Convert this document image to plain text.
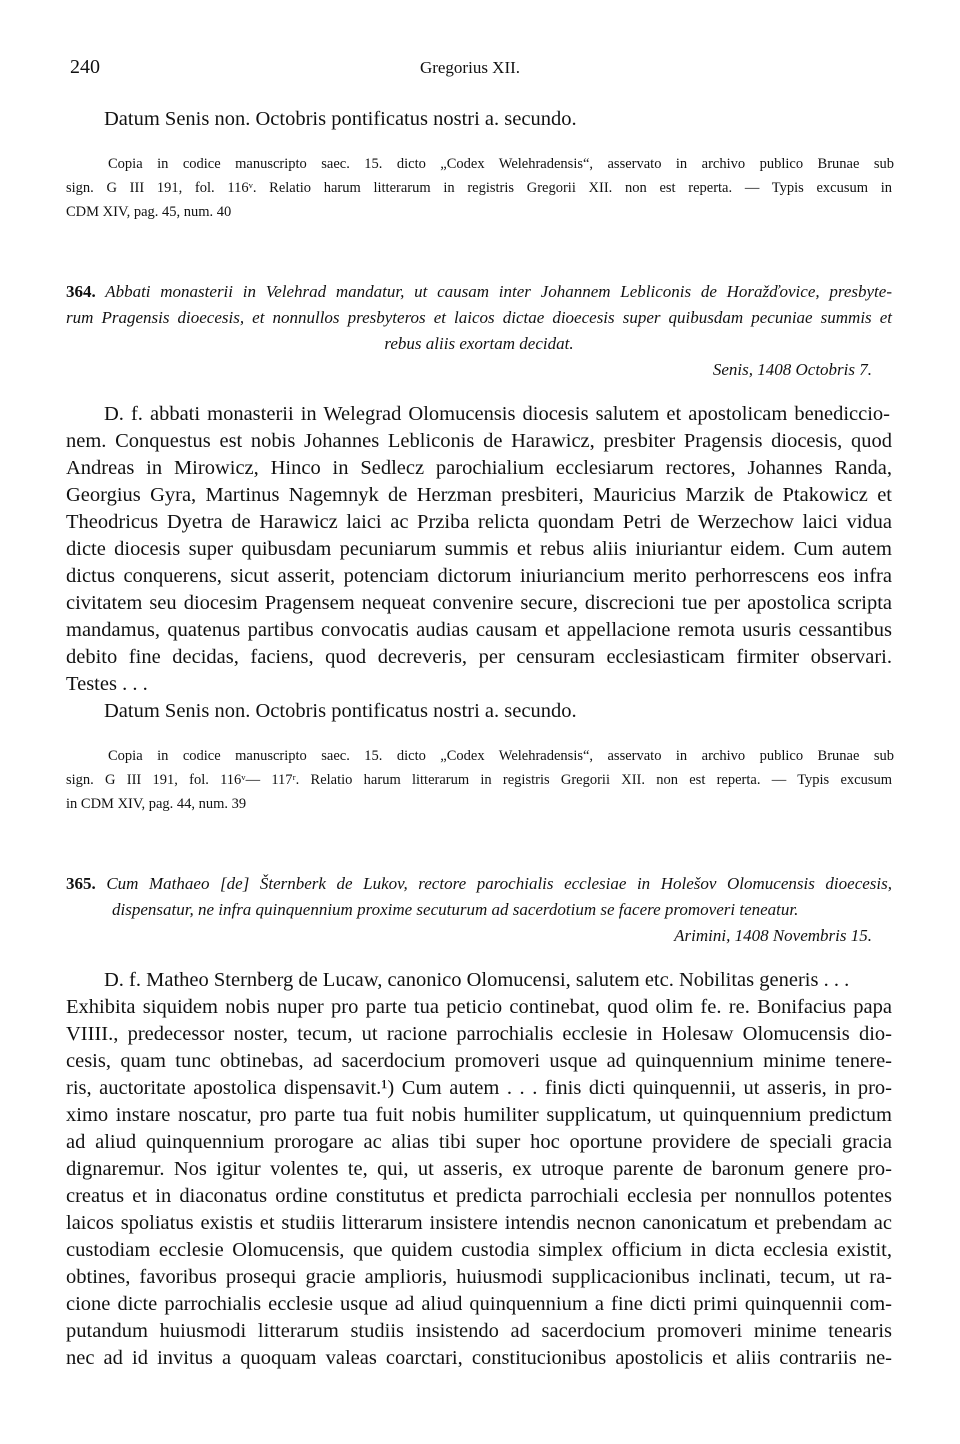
240	Gregorius XII.
Datum Senis non. Octobris pontificatus nostri a. secundo.
Copia in codice manuscripto saec. 15. dicto „Codex Welehradensis“, asservato in archivo publico Brunae sub
sign. G III 191, fol. 116ᵛ. Relatio harum litterarum in registris Gregorii XII. non est reperta. — Typis excusum in
CDM XIV, pag. 45, num. 40
364. Abbati monasterii in Velehrad mandatur, ut causam inter Johannem Lebliconis de Horažďovice, presbyte-
rum Pragensis dioecesis, et nonnullos presbyteros et laicos dictae dioecesis super quibusdam pecuniae summis et
rebus aliis exortam decidat.
Senis, 1408 Octobris 7.
D. f. abbati monasterii in Welegrad Olomucensis diocesis salutem et apostolicam benediccio-
nem. Conquestus est nobis Johannes Lebliconis de Harawicz, presbiter Pragensis diocesis, quod
Andreas in Mirowicz, Hinco in Sedlecz parochialium ecclesiarum rectores, Johannes Randa,
Georgius Gyra, Martinus Nagemnyk de Herzman presbiteri, Mauricius Marzik de Ptakowicz et
Theodricus Dyetra de Harawicz laici ac Prziba relicta quondam Petri de Werzechow laici vidua
dicte diocesis super quibusdam pecuniarum summis et rebus aliis iniuriantur eidem. Cum autem
dictus conquerens, sicut asserit, potenciam dictorum iniuriancium merito perhorrescens eos infra
civitatem seu diocesim Pragensem nequeat convenire secure, discrecioni tue per apostolica scripta
mandamus, quatenus partibus convocatis audias causam et appellacione remota usuris cessantibus
debito fine decidas, faciens, quod decreveris, per censuram ecclesiasticam firmiter observari.
Testes . . .
Datum Senis non. Octobris pontificatus nostri a. secundo.
Copia in codice manuscripto saec. 15. dicto „Codex Welehradensis“, asservato in archivo publico Brunae sub
sign. G III 191, fol. 116ᵛ— 117ʳ. Relatio harum litterarum in registris Gregorii XII. non est reperta. — Typis excusum
in CDM XIV, pag. 44, num. 39
365. Cum Mathaeo [de] Šternberk de Lukov, rectore parochialis ecclesiae in Holešov Olomucensis dioecesis,
dispensatur, ne infra quinquennium proxime secuturum ad sacerdotium se facere promoveri teneatur.
Arimini, 1408 Novembris 15.
D. f. Matheo Sternberg de Lucaw, canonico Olomucensi, salutem etc. Nobilitas generis . . .
Exhibita siquidem nobis nuper pro parte tua peticio continebat, quod olim fe. re. Bonifacius papa
VIIII., predecessor noster, tecum, ut racione parrochialis ecclesie in Holesaw Olomucensis dio-
cesis, quam tunc obtinebas, ad sacerdocium promoveri usque ad quinquennium minime tenere-
ris, auctoritate apostolica dispensavit.¹) Cum autem . . . finis dicti quinquennii, ut asseris, in pro-
ximo instare noscatur, pro parte tua fuit nobis humiliter supplicatum, ut quinquennium predictum
ad aliud quinquennium prorogare ac alias tibi super hoc oportune providere de speciali gracia
dignaremur. Nos igitur volentes te, qui, ut asseris, ex utroque parente de baronum genere pro-
creatus et in diaconatus ordine constitutus et predicta parrochiali ecclesia per nonnullos potentes
laicos spoliatus existis et studiis litterarum insistere intendis necnon canonicatum et prebendam ac
custodiam ecclesie Olomucensis, que quidem custodia simplex officium in dicta ecclesia existit,
obtines, favoribus prosequi gracie amplioris, huiusmodi supplicacionibus inclinati, tecum, ut ra-
cione dicte parrochialis ecclesie usque ad aliud quinquennium a fine dicti primi quinquennii com-
putandum huiusmodi litterarum studiis insistendo ad sacerdocium promoveri minime tenearis
nec ad id invitus a quoquam valeas coarctari, constitucionibus apostolicis et aliis contrariis ne-
